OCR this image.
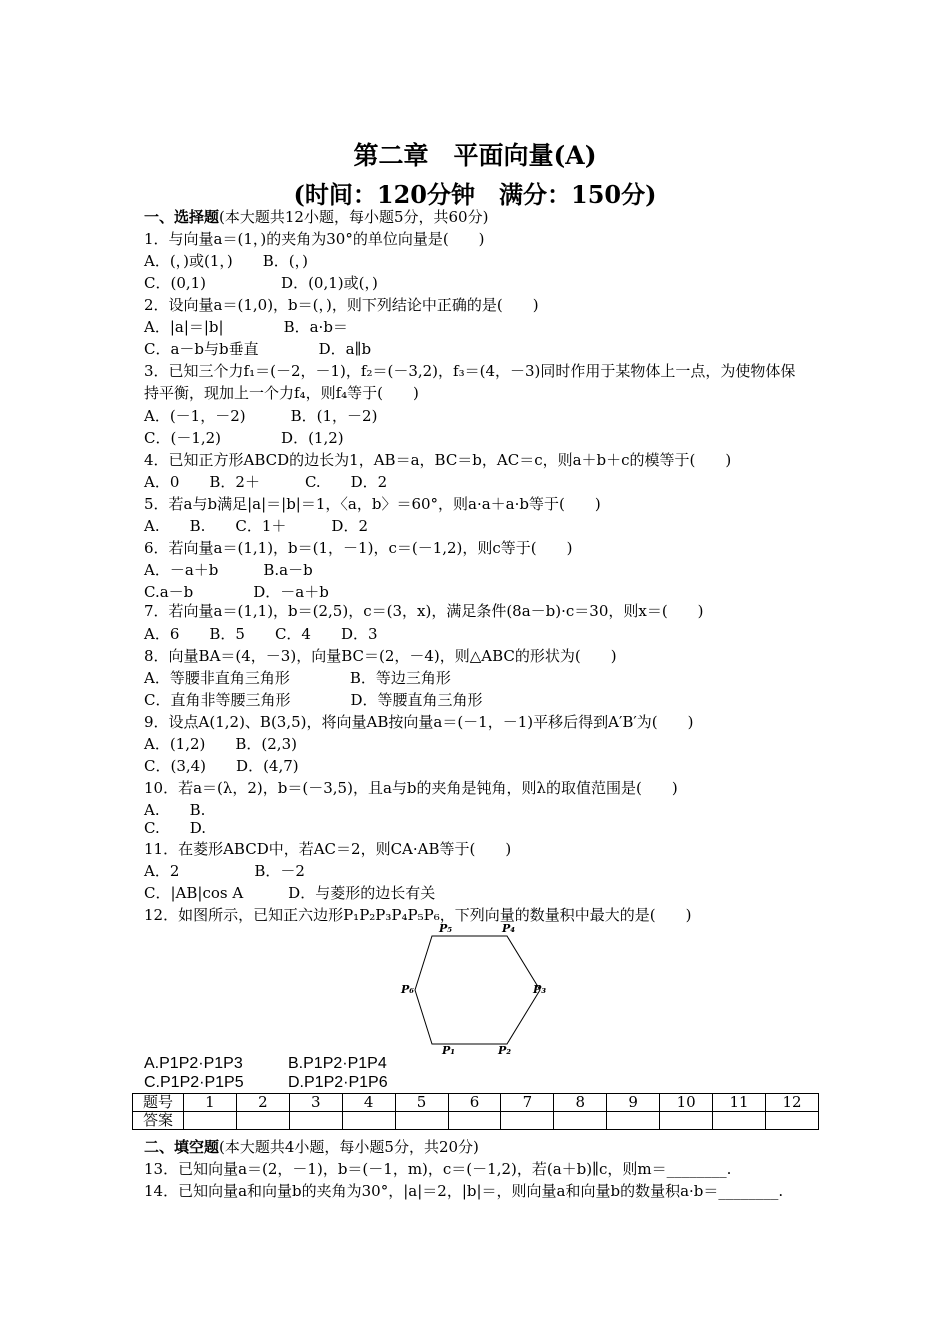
第二章　平面向量(A)
(时间：120分钟　满分：150分)
一、选择题(本大题共12小题，每小题5分，共60分)
1．与向量a＝(1，)的夹角为30°的单位向量是(　　)
A．(，)或(1，)　　B．(，)
C．(0,1)　　　　　D．(0,1)或(，)
2．设向量a＝(1,0)，b＝(，)，则下列结论中正确的是(　　)
A．|a|＝|b|　　　　B．a·b＝
C．a－b与b垂直　　　　D．a∥b
3．已知三个力f₁＝(－2，－1)，f₂＝(－3,2)，f₃＝(4，－3)同时作用于某物体上一点，为使物体保持平衡，现加上一个力f₄，则f₄等于(　　)
A．(－1，－2)　　　B．(1，－2)
C．(－1,2)　　　　D．(1,2)
4．已知正方形ABCD的边长为1，AB＝a，BC＝b，AC＝c，则a＋b＋c的模等于(　　)
A．0　　B．2＋　　　C.　　D．2
5．若a与b满足|a|＝|b|＝1，〈a，b〉＝60°，则a·a＋a·b等于(　　)
A.　　B.　　C．1＋　　　D．2
6．若向量a＝(1,1)，b＝(1，－1)，c＝(－1,2)，则c等于(　　)
A．－a＋b　　　B.a－b
C.a－b　　　　D．－a＋b
7．若向量a＝(1,1)，b＝(2,5)，c＝(3，x)，满足条件(8a－b)·c＝30，则x＝(　　)
A．6　　B．5　　C．4　　D．3
8．向量BA＝(4，－3)，向量BC＝(2，－4)，则△ABC的形状为(　　)
A．等腰非直角三角形　　　　B．等边三角形
C．直角非等腰三角形　　　　D．等腰直角三角形
9．设点A(1,2)、B(3,5)，将向量AB按向量a＝(－1，－1)平移后得到A′B′为(　　)
A．(1,2)　　B．(2,3)
C．(3,4)　　D．(4,7)
10．若a＝(λ，2)，b＝(－3,5)，且a与b的夹角是钝角，则λ的取值范围是(　　)
A.　　B.
C.　　D.
11．在菱形ABCD中，若AC＝2，则CA·AB等于(　　)
A．2　　　　　B．－2
C．|AB|cos A　　　D．与菱形的边长有关
12．如图所示，已知正六边形P₁P₂P₃P₄P₅P₆，下列向量的数量积中最大的是(　　)
P₅	P₄
P₆	P₃
P₁	P₂
A.P1P2·P1P3	B.P1P2·P1P4
C.P1P2·P1P5	D.P1P2·P1P6
题号	1	2	3	4	5	6	7	8	9	10	11	12
答案												
二、填空题(本大题共4小题，每小题5分，共20分)
13．已知向量a＝(2，－1)，b＝(－1，m)，c＝(－1,2)，若(a＋b)∥c，则m＝________.
14．已知向量a和向量b的夹角为30°，|a|＝2，|b|＝，则向量a和向量b的数量积a·b＝________.
